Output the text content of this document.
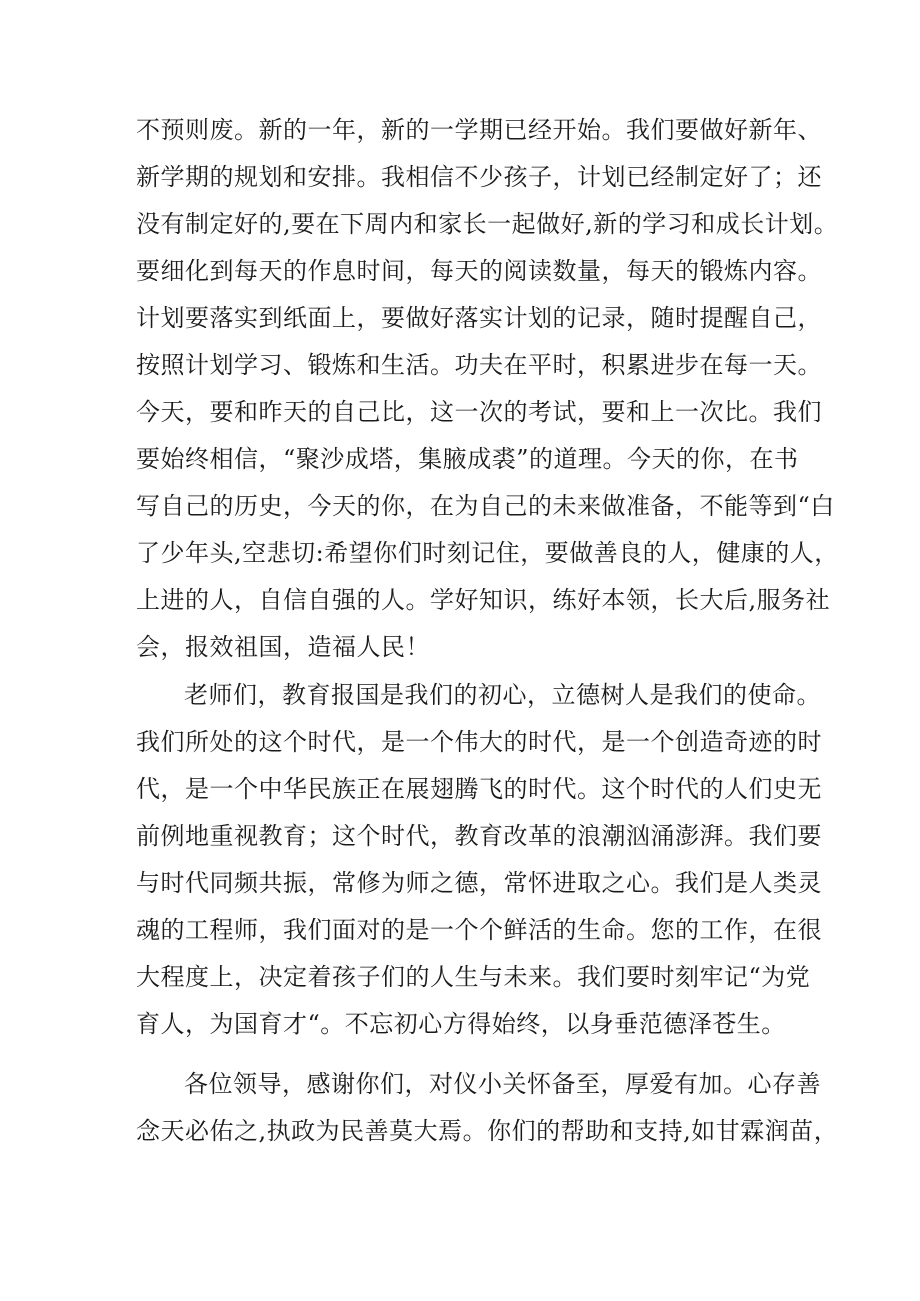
不预则废。新的一年，新的一学期已经开始。我们要做好新年、
新学期的规划和安排。我相信不少孩子，计划已经制定好了；还
没有制定好的,要在下周内和家长一起做好,新的学习和成长计划。
要细化到每天的作息时间，每天的阅读数量，每天的锻炼内容。
计划要落实到纸面上，要做好落实计划的记录，随时提醒自己，
按照计划学习、锻炼和生活。功夫在平时，积累进步在每一天。
今天，要和昨天的自己比，这一次的考试，要和上一次比。我们
要始终相信，“聚沙成塔，集腋成裘”的道理。今天的你，在书
写自己的历史，今天的你，在为自己的未来做准备，不能等到“白
了少年头,空悲切:希望你们时刻记住，要做善良的人，健康的人，
上进的人，自信自强的人。学好知识，练好本领，长大后,服务社
会，报效祖国，造福人民！
老师们，教育报国是我们的初心，立德树人是我们的使命。
我们所处的这个时代，是一个伟大的时代，是一个创造奇迹的时
代，是一个中华民族正在展翅腾飞的时代。这个时代的人们史无
前例地重视教育；这个时代，教育改革的浪潮汹涌澎湃。我们要
与时代同频共振，常修为师之德，常怀进取之心。我们是人类灵
魂的工程师，我们面对的是一个个鲜活的生命。您的工作，在很
大程度上，决定着孩子们的人生与未来。我们要时刻牢记“为党
育人，为国育才“。不忘初心方得始终，以身垂范德泽苍生。
各位领导，感谢你们，对仪小关怀备至，厚爱有加。心存善
念天必佑之,执政为民善莫大焉。你们的帮助和支持,如甘霖润苗，
